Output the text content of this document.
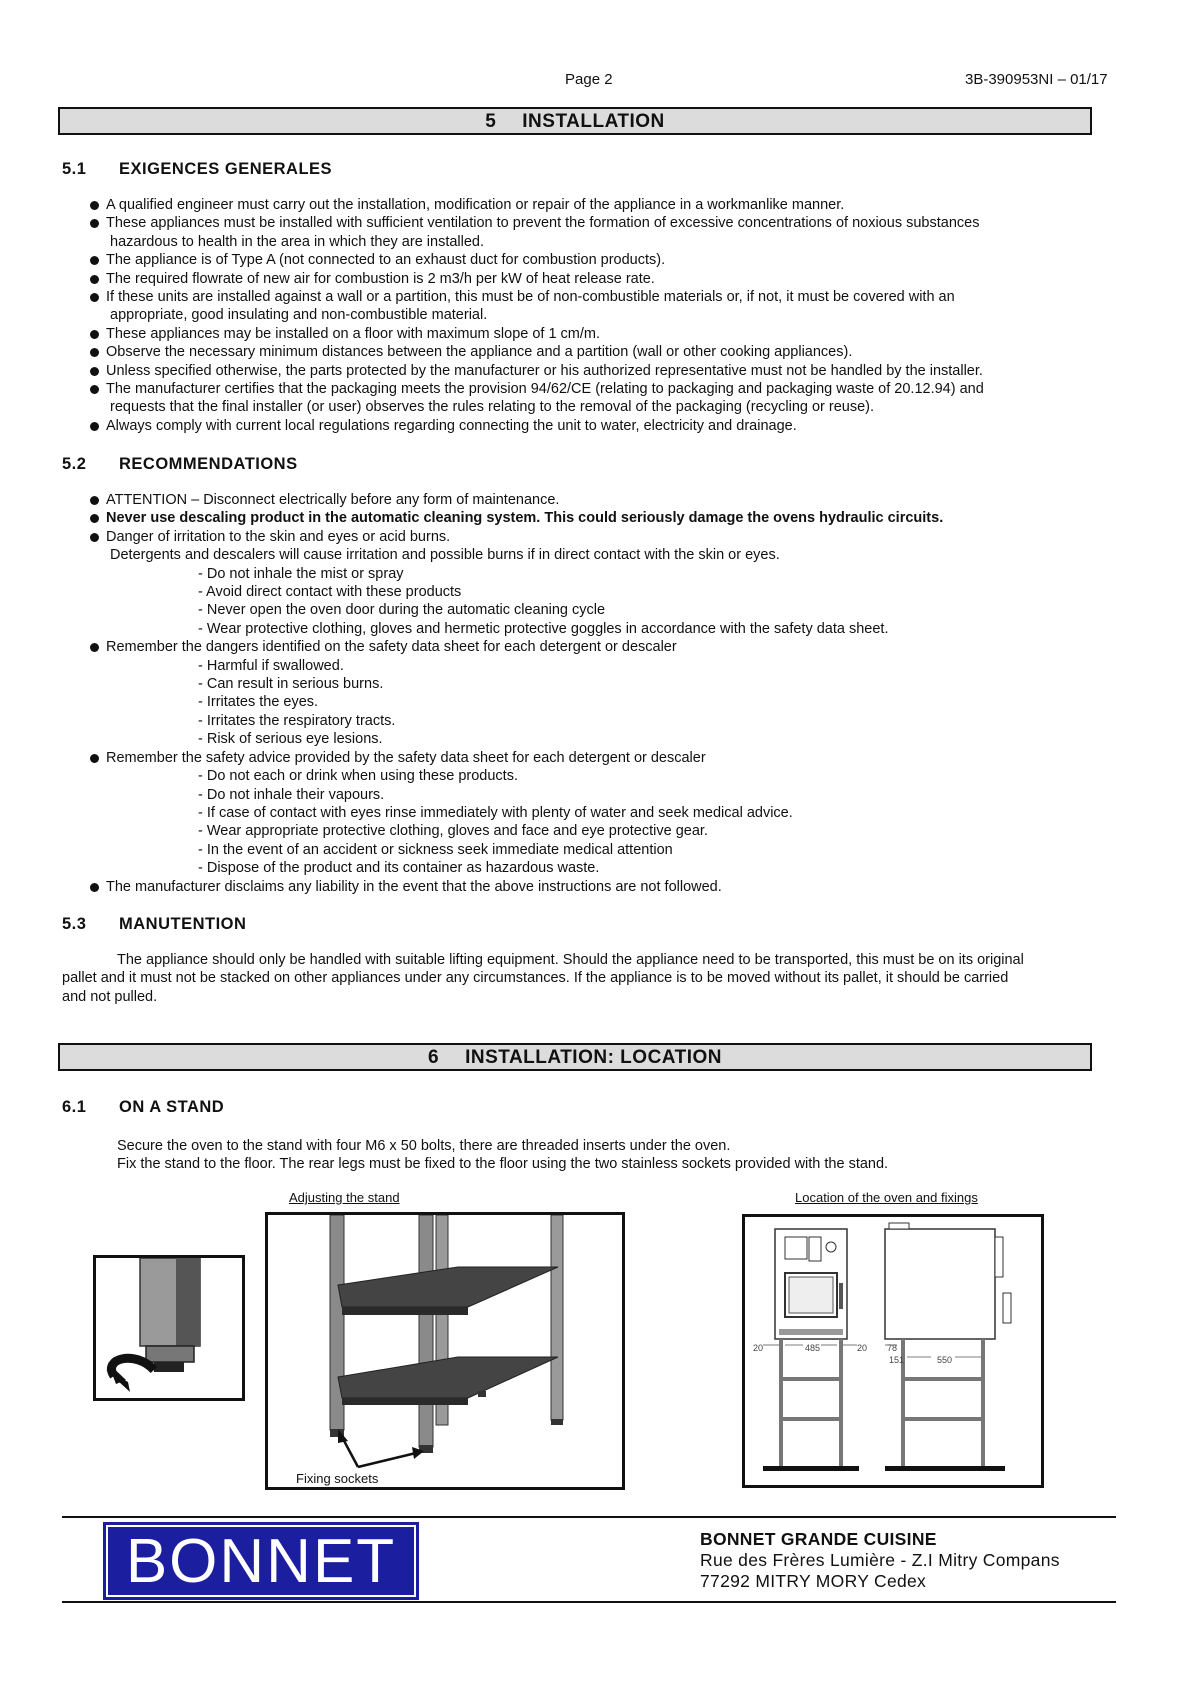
Page 2	3B-390953NI – 01/17
5 INSTALLATION
5.1 EXIGENCES GENERALES
A qualified engineer must carry out the installation, modification or repair of the appliance in a workmanlike manner.
These appliances must be installed with sufficient ventilation to prevent the formation of excessive concentrations of noxious substances
hazardous to health in the area in which they are installed.
The appliance is of Type A (not connected to an exhaust duct for combustion products).
The required flowrate of new air for combustion is 2 m3/h per kW of heat release rate.
If these units are installed against a wall or a partition, this must be of non-combustible materials or, if not, it must be covered with an
appropriate, good insulating and non-combustible material.
These appliances may be installed on a floor with maximum slope of 1 cm/m.
Observe the necessary minimum distances between the appliance and a partition (wall or other cooking appliances).
Unless specified otherwise, the parts protected by the manufacturer or his authorized representative must not be handled by the installer.
The manufacturer certifies that the packaging meets the provision 94/62/CE (relating to packaging and packaging waste of 20.12.94) and
requests that the final installer (or user) observes the rules relating to the removal of the packaging (recycling or reuse).
Always comply with current local regulations regarding connecting the unit to water, electricity and drainage.
5.2 RECOMMENDATIONS
ATTENTION – Disconnect electrically before any form of maintenance.
Never use descaling product in the automatic cleaning system. This could seriously damage the ovens hydraulic circuits.
Danger of irritation to the skin and eyes or acid burns.
Detergents and descalers will cause irritation and possible burns if in direct contact with the skin or eyes.
- Do not inhale the mist or spray
- Avoid direct contact with these products
- Never open the oven door during the automatic cleaning cycle
- Wear protective clothing, gloves and hermetic protective goggles in accordance with the safety data sheet.
Remember the dangers identified on the safety data sheet for each detergent or descaler
- Harmful if swallowed.
- Can result in serious burns.
- Irritates the eyes.
- Irritates the respiratory tracts.
- Risk of serious eye lesions.
Remember the safety advice provided by the safety data sheet for each detergent or descaler
- Do not each or drink when using these products.
- Do not inhale their vapours.
- If case of contact with eyes rinse immediately with plenty of water and seek medical advice.
- Wear appropriate protective clothing, gloves and face and eye protective gear.
- In the event of an accident or sickness seek immediate medical attention
- Dispose of the product and its container as hazardous waste.
The manufacturer disclaims any liability in the event that the above instructions are not followed.
5.3 MANUTENTION
The appliance should only be handled with suitable lifting equipment. Should the appliance need to be transported, this must be on its original
pallet and it must not be stacked on other appliances under any circumstances. If the appliance is to be moved without its pallet, it should be carried
and not pulled.
6 INSTALLATION: LOCATION
6.1 ON A STAND
Secure the oven to the stand with four M6 x 50 bolts, there are threaded inserts under the oven.
Fix the stand to the floor. The rear legs must be fixed to the floor using the two stainless sockets provided with the stand.
Adjusting the stand	Location of the oven and fixings
Fixing sockets
20	485	20 78
151	550
BONNET	BONNET GRANDE CUISINE
Rue des Frères Lumière - Z.I Mitry Compans
77292 MITRY MORY Cedex
